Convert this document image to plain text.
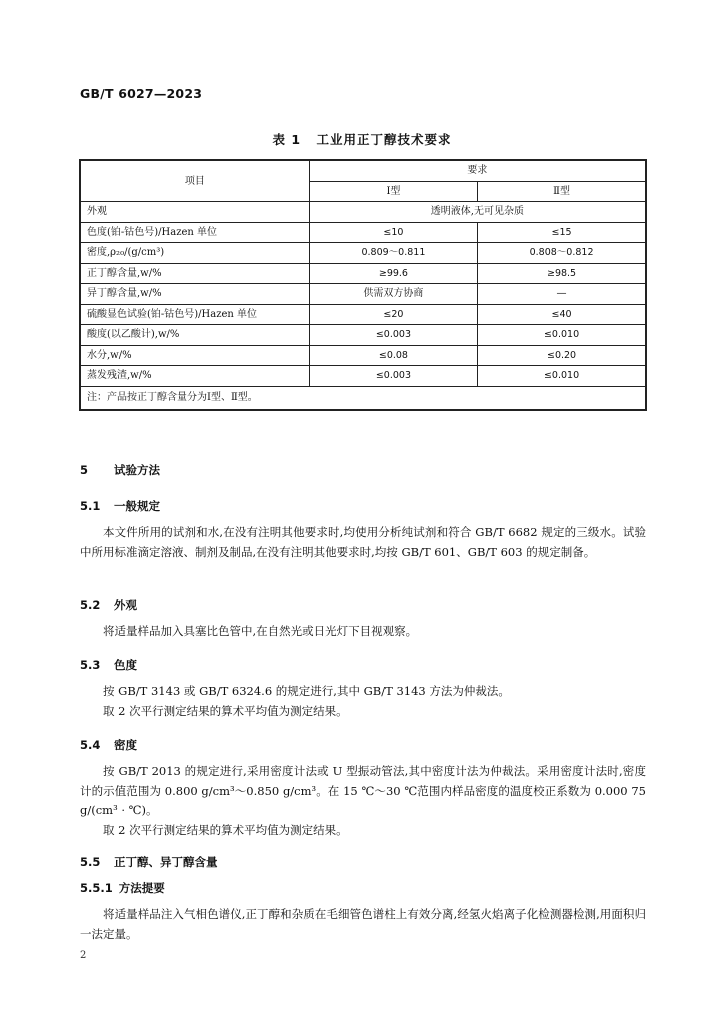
GB/T 6027—2023
表 1 工业用正丁醇技术要求
项目	要求	
	Ⅰ型	Ⅱ型
外观	透明液体,无可见杂质	
色度(铂-钴色号)/Hazen 单位	≤10	≤15
密度,ρ₂₀/(g/cm³)	0.809～0.811	0.808～0.812
正丁醇含量,w/%	≥99.6	≥98.5
异丁醇含量,w/%	供需双方协商	—
硫酸显色试验(铂-钴色号)/Hazen 单位	≤20	≤40
酸度(以乙酸计),w/%	≤0.003	≤0.010
水分,w/%	≤0.08	≤0.20
蒸发残渣,w/%	≤0.003	≤0.010
注：产品按正丁醇含量分为Ⅰ型、Ⅱ型。		
5 试验方法
5.1 一般规定
本文件所用的试剂和水,在没有注明其他要求时,均使用分析纯试剂和符合 GB/T 6682 规定的三级水。试验中所用标准滴定溶液、制剂及制品,在没有注明其他要求时,均按 GB/T 601、GB/T 603 的规定制备。
5.2 外观
将适量样品加入具塞比色管中,在自然光或日光灯下目视观察。
5.3 色度
按 GB/T 3143 或 GB/T 6324.6 的规定进行,其中 GB/T 3143 方法为仲裁法。
取 2 次平行测定结果的算术平均值为测定结果。
5.4 密度
按 GB/T 2013 的规定进行,采用密度计法或 U 型振动管法,其中密度计法为仲裁法。采用密度计法时,密度计的示值范围为 0.800 g/cm³～0.850 g/cm³。在 15 ℃～30 ℃范围内样品密度的温度校正系数为 0.000 75 g/(cm³ · ℃)。
取 2 次平行测定结果的算术平均值为测定结果。
5.5 正丁醇、异丁醇含量
5.5.1 方法提要
将适量样品注入气相色谱仪,正丁醇和杂质在毛细管色谱柱上有效分离,经氢火焰离子化检测器检测,用面积归一法定量。
2
